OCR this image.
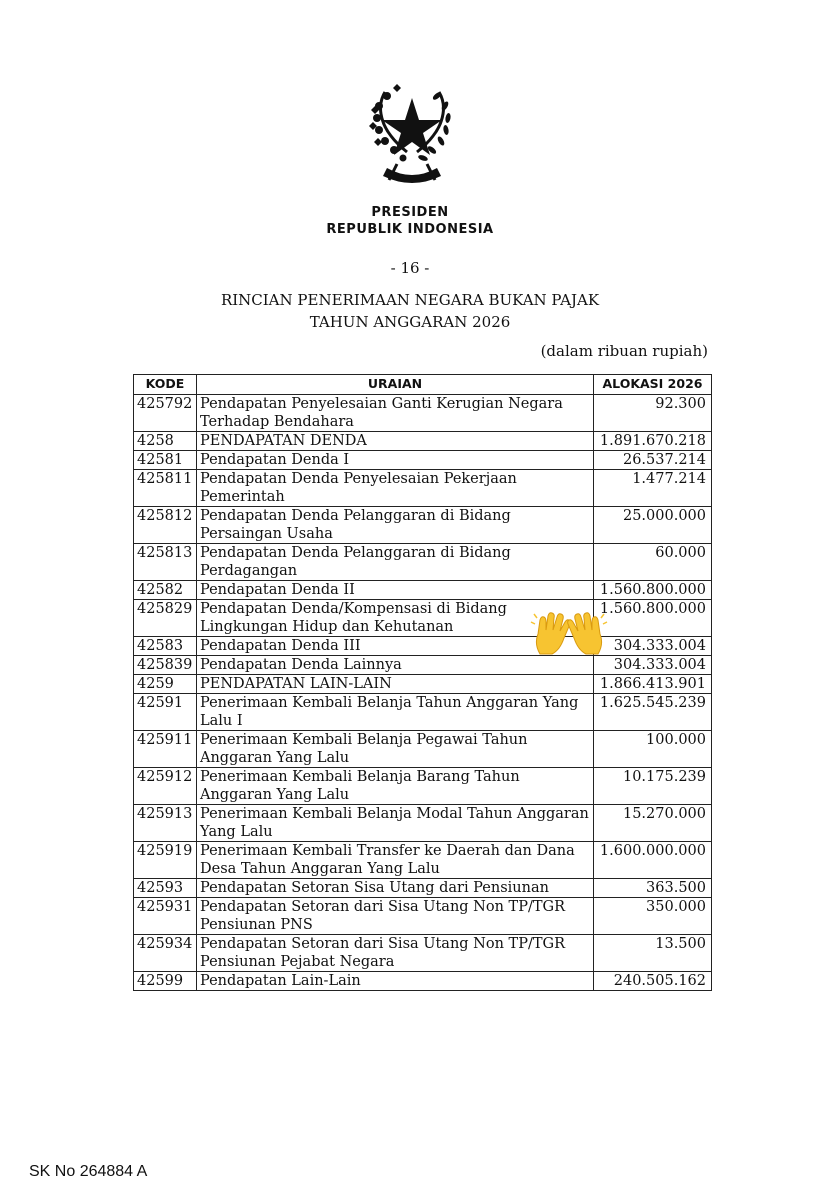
PRESIDEN
REPUBLIK INDONESIA
- 16 -
RINCIAN PENERIMAAN NEGARA BUKAN PAJAK
TAHUN ANGGARAN 2026
(dalam ribuan rupiah)
KODE	URAIAN	ALOKASI 2026
425792	Pendapatan Penyelesaian Ganti Kerugian Negara
Terhadap Bendahara	92.300
4258	PENDAPATAN DENDA	1.891.670.218
42581	Pendapatan Denda I	26.537.214
425811	Pendapatan Denda Penyelesaian Pekerjaan
Pemerintah	1.477.214
425812	Pendapatan Denda Pelanggaran di Bidang
Persaingan Usaha	25.000.000
425813	Pendapatan Denda Pelanggaran di Bidang
Perdagangan	60.000
42582	Pendapatan Denda II	1.560.800.000
425829	Pendapatan Denda/Kompensasi di Bidang
Lingkungan Hidup dan Kehutanan	1.560.800.000
42583	Pendapatan Denda III	304.333.004
425839	Pendapatan Denda Lainnya	304.333.004
4259	PENDAPATAN LAIN-LAIN	1.866.413.901
42591	Penerimaan Kembali Belanja Tahun Anggaran Yang
Lalu I	1.625.545.239
425911	Penerimaan Kembali Belanja Pegawai Tahun
Anggaran Yang Lalu	100.000
425912	Penerimaan Kembali Belanja Barang Tahun
Anggaran Yang Lalu	10.175.239
425913	Penerimaan Kembali Belanja Modal Tahun Anggaran
Yang Lalu	15.270.000
425919	Penerimaan Kembali Transfer ke Daerah dan Dana
Desa Tahun Anggaran Yang Lalu	1.600.000.000
42593	Pendapatan Setoran Sisa Utang dari Pensiunan	363.500
425931	Pendapatan Setoran dari Sisa Utang Non TP/TGR
Pensiunan PNS	350.000
425934	Pendapatan Setoran dari Sisa Utang Non TP/TGR
Pensiunan Pejabat Negara	13.500
42599	Pendapatan Lain-Lain	240.505.162
SK No 264884 A
